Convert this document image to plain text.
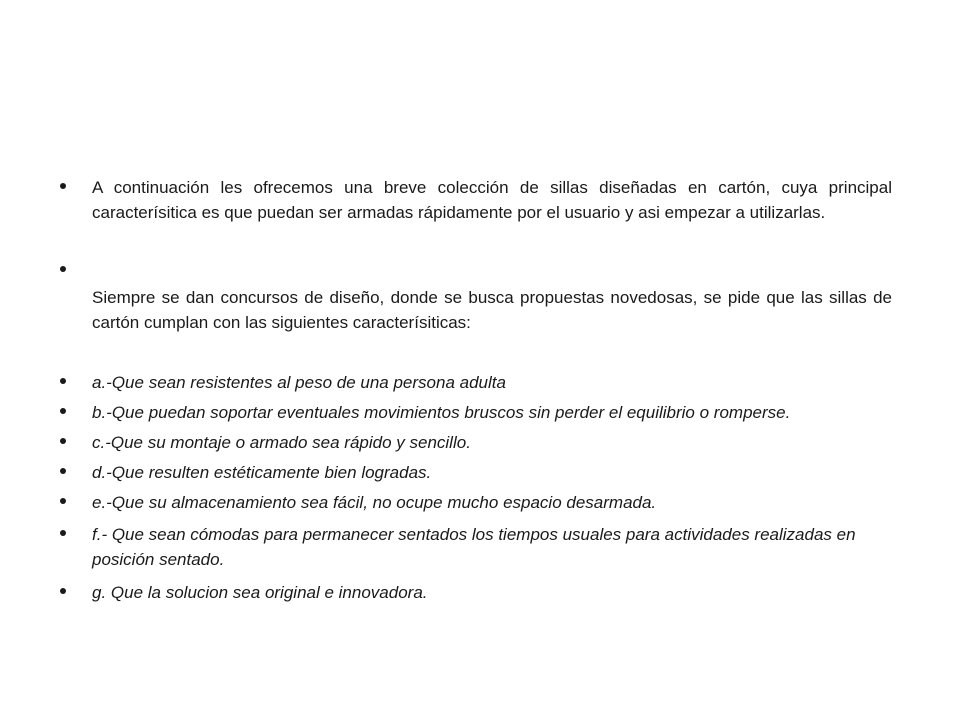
A continuación les ofrecemos una breve colección de sillas diseñadas en cartón, cuya principal caracterísitica es que puedan ser armadas rápidamente por el usuario y asi empezar a utilizarlas.

Siempre se dan concursos de diseño, donde se busca propuestas novedosas, se pide que las sillas de cartón cumplan con las siguientes caracterísiticas:

a.-Que sean resistentes al peso de una persona adulta

b.-Que puedan soportar eventuales movimientos bruscos sin perder el equilibrio o romperse.

c.-Que su montaje o armado sea rápido y sencillo.

d.-Que resulten estéticamente bien logradas.

e.-Que su almacenamiento sea fácil, no ocupe mucho espacio desarmada.

f.- Que sean cómodas para permanecer sentados los tiempos usuales para actividades realizadas en posición sentado.

g. Que la solucion sea original e innovadora.
